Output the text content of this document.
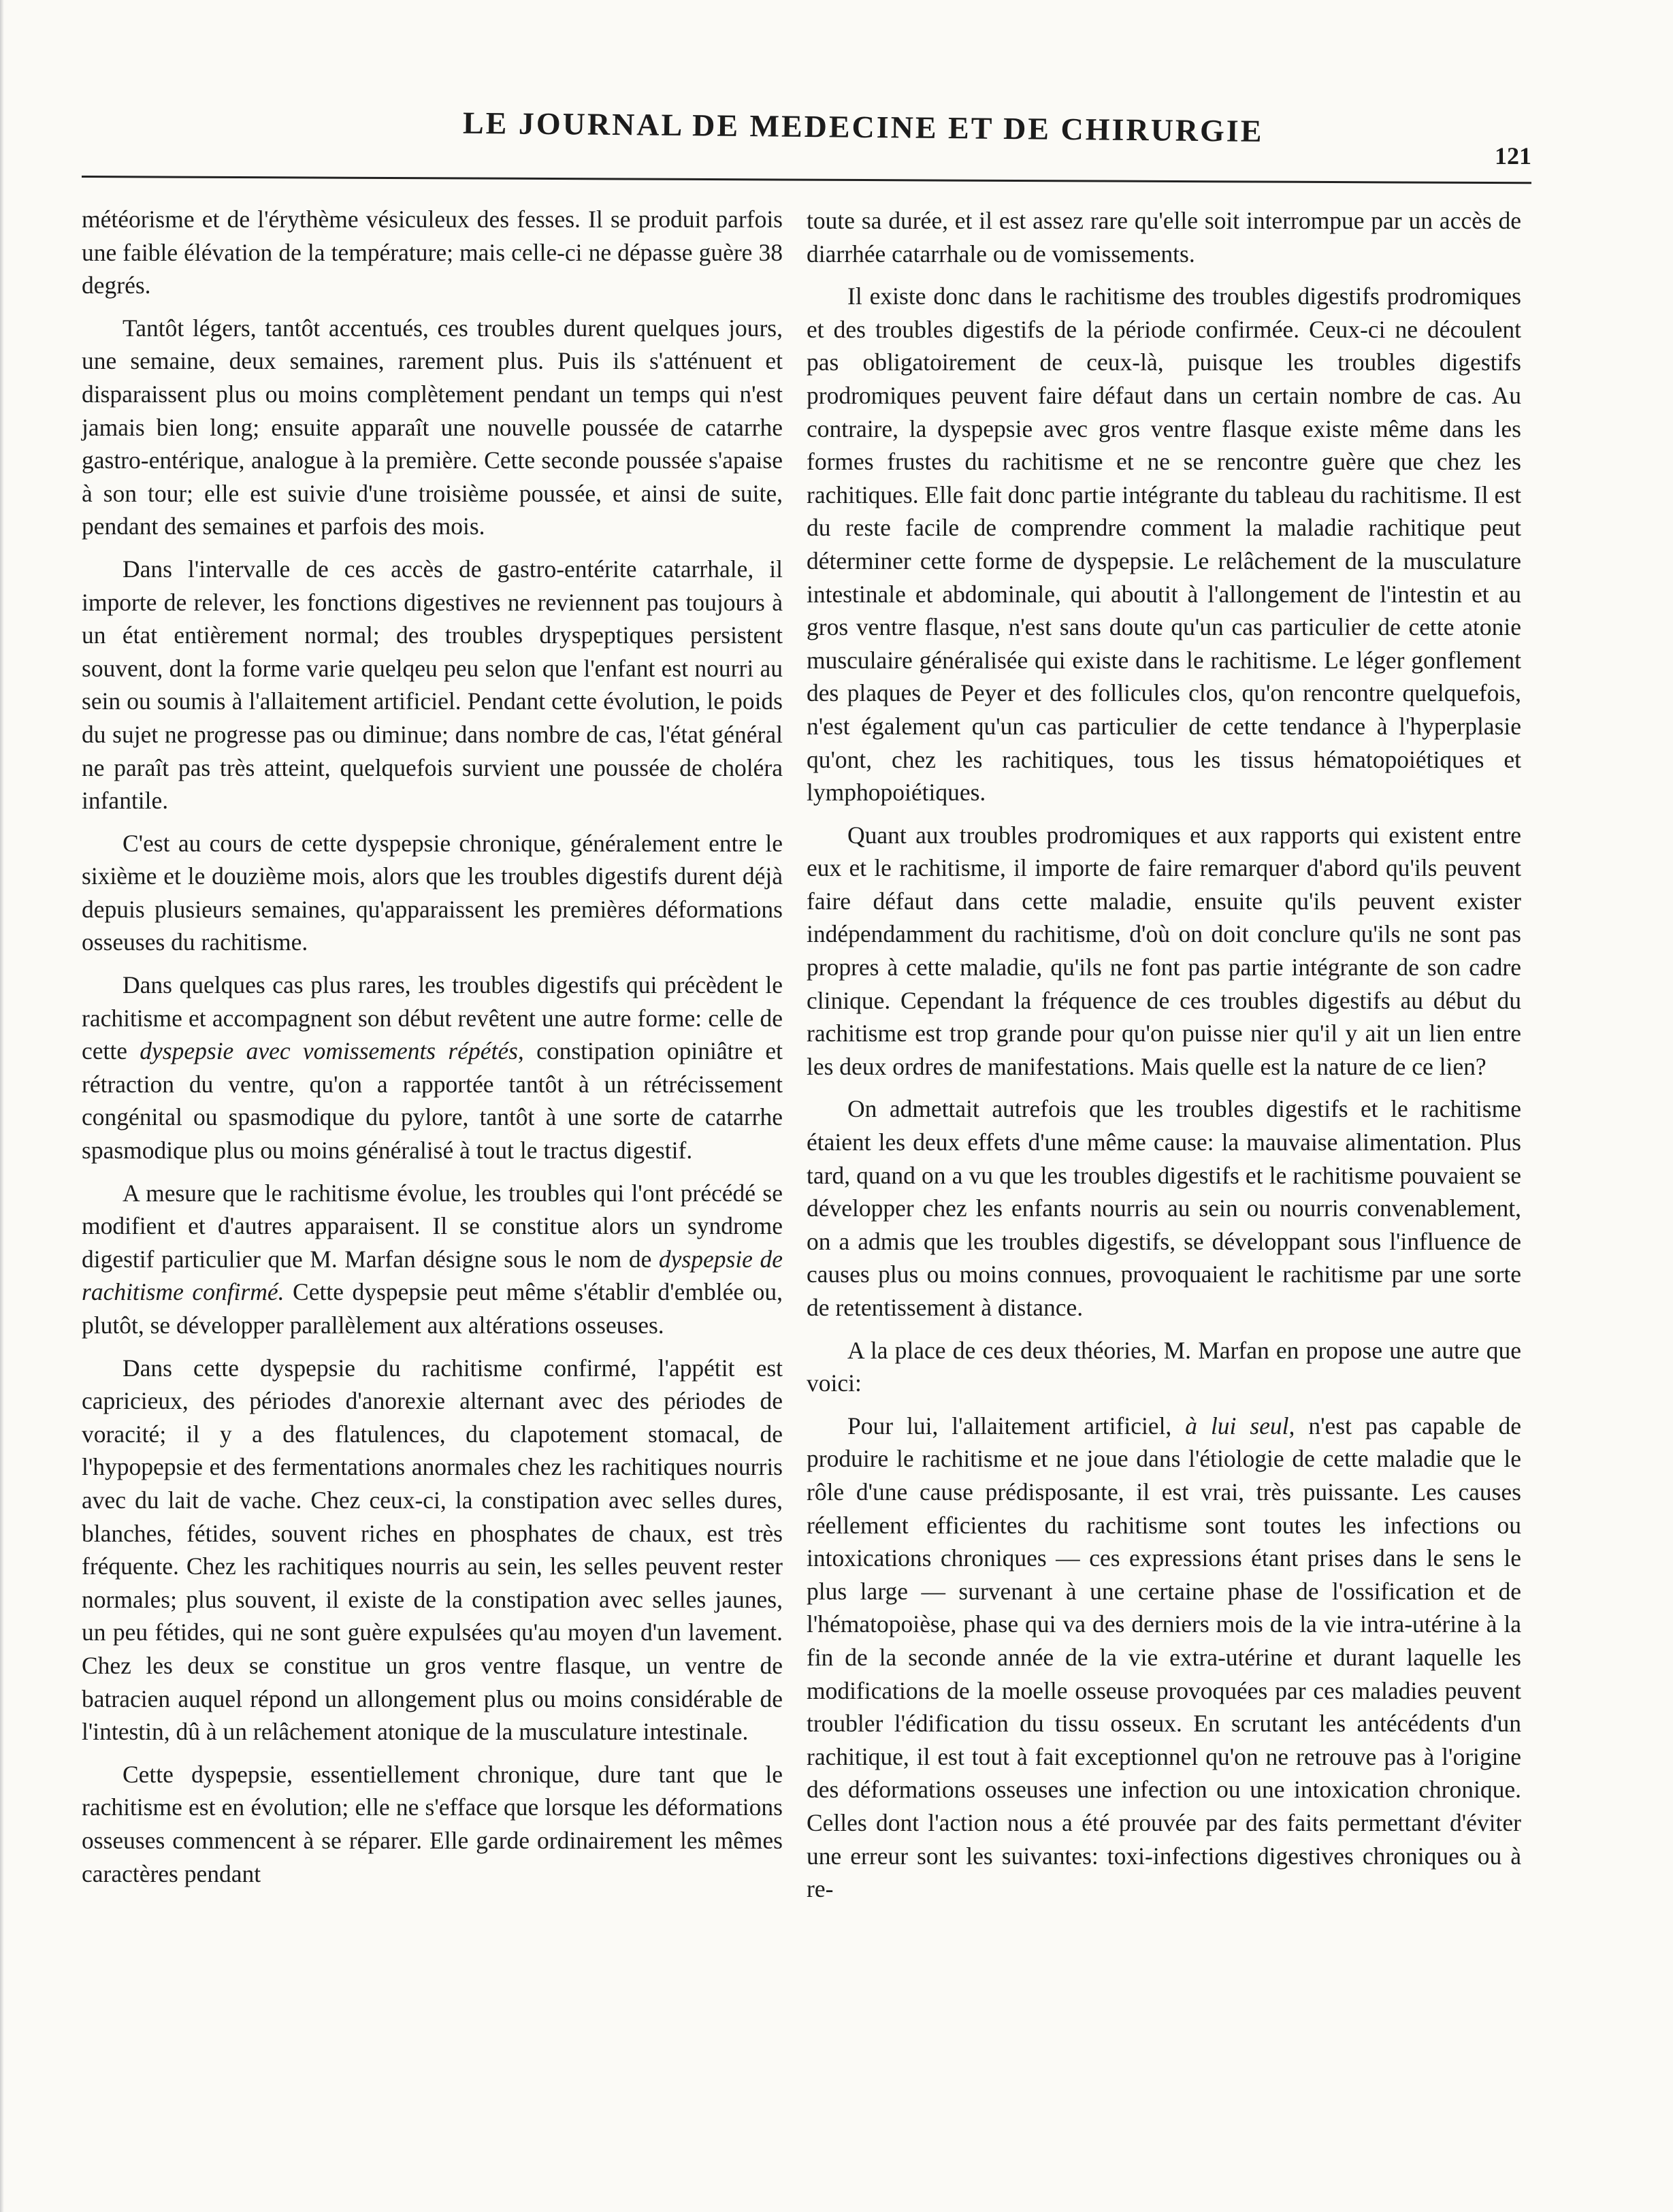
LE JOURNAL DE MEDECINE ET DE CHIRURGIE
121

météorisme et de l'érythème vésiculeux des fesses. Il se produit parfois une faible élévation de la température; mais celle-ci ne dépasse guère 38 degrés.

Tantôt légers, tantôt accentués, ces troubles durent quelques jours, une semaine, deux semaines, rarement plus. Puis ils s'atténuent et disparaissent plus ou moins complètement pendant un temps qui n'est jamais bien long; ensuite apparaît une nouvelle poussée de catarrhe gastro-entérique, analogue à la première. Cette seconde poussée s'apaise à son tour; elle est suivie d'une troisième poussée, et ainsi de suite, pendant des semaines et parfois des mois.

Dans l'intervalle de ces accès de gastro-entérite catarrhale, il importe de relever, les fonctions digestives ne reviennent pas toujours à un état entièrement normal; des troubles dryspeptiques persistent souvent, dont la forme varie quelqeu peu selon que l'enfant est nourri au sein ou soumis à l'allaitement artificiel. Pendant cette évolution, le poids du sujet ne progresse pas ou diminue; dans nombre de cas, l'état général ne paraît pas très atteint, quelquefois survient une poussée de choléra infantile.

C'est au cours de cette dyspepsie chronique, généralement entre le sixième et le douzième mois, alors que les troubles digestifs durent déjà depuis plusieurs semaines, qu'apparaissent les premières déformations osseuses du rachitisme.

Dans quelques cas plus rares, les troubles digestifs qui précèdent le rachitisme et accompagnent son début revêtent une autre forme: celle de cette dyspepsie avec vomissements répétés, constipation opiniâtre et rétraction du ventre, qu'on a rapportée tantôt à un rétrécissement congénital ou spasmodique du pylore, tantôt à une sorte de catarrhe spasmodique plus ou moins généralisé à tout le tractus digestif.

A mesure que le rachitisme évolue, les troubles qui l'ont précédé se modifient et d'autres apparaisent. Il se constitue alors un syndrome digestif particulier que M. Marfan désigne sous le nom de dyspepsie de rachitisme confirmé. Cette dyspepsie peut même s'établir d'emblée ou, plutôt, se développer parallèlement aux altérations osseuses.

Dans cette dyspepsie du rachitisme confirmé, l'appétit est capricieux, des périodes d'anorexie alternant avec des périodes de voracité; il y a des flatulences, du clapotement stomacal, de l'hypopepsie et des fermentations anormales chez les rachitiques nourris avec du lait de vache. Chez ceux-ci, la constipation avec selles dures, blanches, fétides, souvent riches en phosphates de chaux, est très fréquente. Chez les rachitiques nourris au sein, les selles peuvent rester normales; plus souvent, il existe de la constipation avec selles jaunes, un peu fétides, qui ne sont guère expulsées qu'au moyen d'un lavement. Chez les deux se constitue un gros ventre flasque, un ventre de batracien auquel répond un allongement plus ou moins considérable de l'intestin, dû à un relâchement atonique de la musculature intestinale.

Cette dyspepsie, essentiellement chronique, dure tant que le rachitisme est en évolution; elle ne s'efface que lorsque les déformations osseuses commencent à se réparer. Elle garde ordinairement les mêmes caractères pendant

toute sa durée, et il est assez rare qu'elle soit interrompue par un accès de diarrhée catarrhale ou de vomissements.

Il existe donc dans le rachitisme des troubles digestifs prodromiques et des troubles digestifs de la période confirmée. Ceux-ci ne découlent pas obligatoirement de ceux-là, puisque les troubles digestifs prodromiques peuvent faire défaut dans un certain nombre de cas. Au contraire, la dyspepsie avec gros ventre flasque existe même dans les formes frustes du rachitisme et ne se rencontre guère que chez les rachitiques. Elle fait donc partie intégrante du tableau du rachitisme. Il est du reste facile de comprendre comment la maladie rachitique peut déterminer cette forme de dyspepsie. Le relâchement de la musculature intestinale et abdominale, qui aboutit à l'allongement de l'intestin et au gros ventre flasque, n'est sans doute qu'un cas particulier de cette atonie musculaire généralisée qui existe dans le rachitisme. Le léger gonflement des plaques de Peyer et des follicules clos, qu'on rencontre quelquefois, n'est également qu'un cas particulier de cette tendance à l'hyperplasie qu'ont, chez les rachitiques, tous les tissus hématopoiétiques et lymphopoiétiques.

Quant aux troubles prodromiques et aux rapports qui existent entre eux et le rachitisme, il importe de faire remarquer d'abord qu'ils peuvent faire défaut dans cette maladie, ensuite qu'ils peuvent exister indépendamment du rachitisme, d'où on doit conclure qu'ils ne sont pas propres à cette maladie, qu'ils ne font pas partie intégrante de son cadre clinique. Cependant la fréquence de ces troubles digestifs au début du rachitisme est trop grande pour qu'on puisse nier qu'il y ait un lien entre les deux ordres de manifestations. Mais quelle est la nature de ce lien?

On admettait autrefois que les troubles digestifs et le rachitisme étaient les deux effets d'une même cause: la mauvaise alimentation. Plus tard, quand on a vu que les troubles digestifs et le rachitisme pouvaient se développer chez les enfants nourris au sein ou nourris convenablement, on a admis que les troubles digestifs, se développant sous l'influence de causes plus ou moins connues, provoquaient le rachitisme par une sorte de retentissement à distance.

A la place de ces deux théories, M. Marfan en propose une autre que voici:

Pour lui, l'allaitement artificiel, à lui seul, n'est pas capable de produire le rachitisme et ne joue dans l'étiologie de cette maladie que le rôle d'une cause prédisposante, il est vrai, très puissante. Les causes réellement efficientes du rachitisme sont toutes les infections ou intoxications chroniques — ces expressions étant prises dans le sens le plus large — survenant à une certaine phase de l'ossification et de l'hématopoièse, phase qui va des derniers mois de la vie intra-utérine à la fin de la seconde année de la vie extra-utérine et durant laquelle les modifications de la moelle osseuse provoquées par ces maladies peuvent troubler l'édification du tissu osseux. En scrutant les antécédents d'un rachitique, il est tout à fait exceptionnel qu'on ne retrouve pas à l'origine des déformations osseuses une infection ou une intoxication chronique. Celles dont l'action nous a été prouvée par des faits permettant d'éviter une erreur sont les suivantes: toxi-infections digestives chroniques ou à re-
